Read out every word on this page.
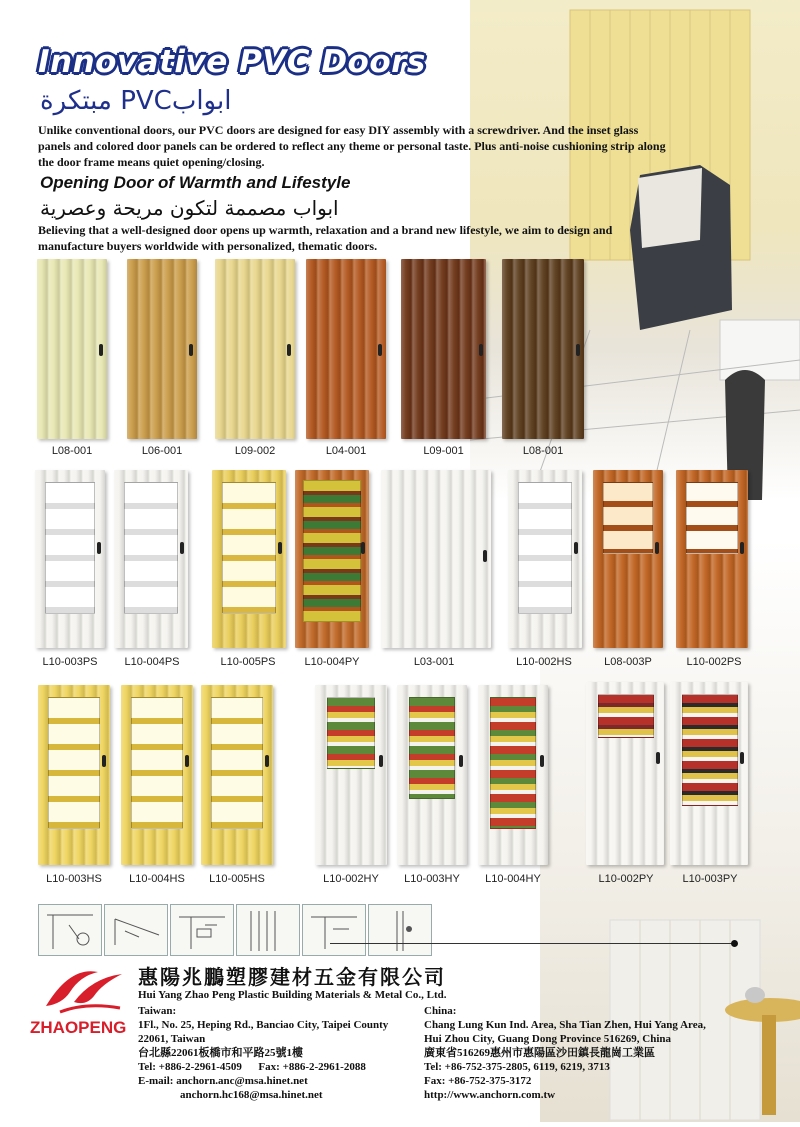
Innovative PVC Doors
ابوابPVC مبتكرة
Unlike conventional doors, our PVC doors are designed for easy DIY assembly with a screwdriver. And the inset glass panels and colored door panels can be ordered to reflect any theme or personal taste. Plus anti-noise cushioning strip along the door frame means quiet opening/closing.
Opening Door of Warmth and Lifestyle
ابواب مصممة لتكون مريحة وعصرية
Believing that a well-designed door opens up warmth, relaxation and a brand new lifestyle, we aim to design and manufacture buyers worldwide with personalized, thematic doors.
L08-001	L06-001	L09-002	L04-001	L09-001	L08-001
L10-003PS	L10-004PS	L10-005PS	L10-004PY	L03-001	L10-002HS	L08-003P	L10-002PS
L10-003HS	L10-004HS	L10-005HS	L10-002HY	L10-003HY	L10-004HY	L10-002PY	L10-003PY
ZHAOPENG
惠陽兆鵬塑膠建材五金有限公司
Hui Yang Zhao Peng Plastic Building Materials & Metal Co., Ltd.
Taiwan:
1Fl., No. 25, Heping Rd., Banciao City, Taipei County
22061, Taiwan
台北縣22061板橋市和平路25號1樓
Tel: +886-2-2961-4509      Fax: +886-2-2961-2088
E-mail: anchorn.anc@msa.hinet.net
anchorn.hc168@msa.hinet.net
China:
Chang Lung Kun Ind. Area, Sha Tian Zhen, Hui Yang Area,
Hui Zhou City, Guang Dong Province 516269, China
廣東省516269惠州市惠陽區沙田鎮長龍崗工業區
Tel: +86-752-375-2805, 6119, 6219, 3713
Fax: +86-752-375-3172
http://www.anchorn.com.tw
